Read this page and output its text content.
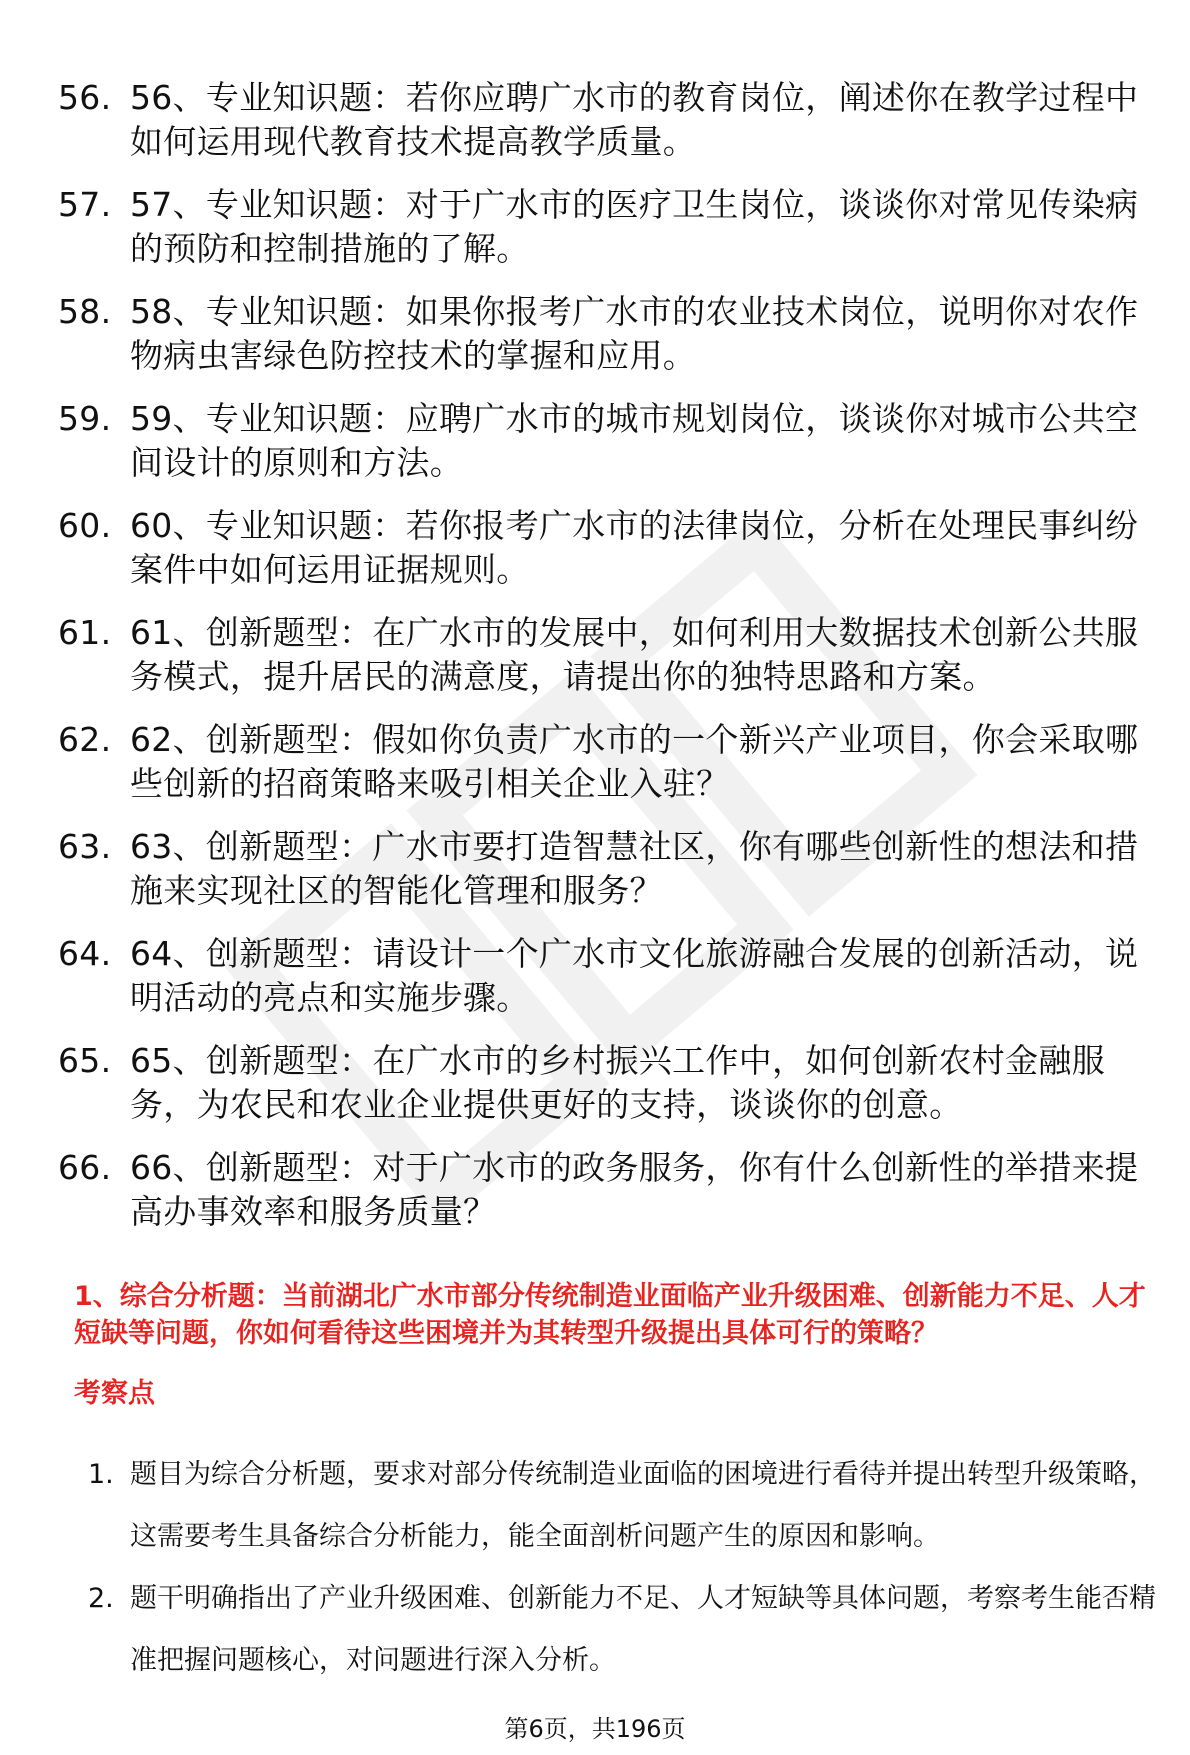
56. 56、专业知识题：若你应聘广水市的教育岗位，阐述你在教学过程中如何运用现代教育技术提高教学质量。
57. 57、专业知识题：对于广水市的医疗卫生岗位，谈谈你对常见传染病的预防和控制措施的了解。
58. 58、专业知识题：如果你报考广水市的农业技术岗位，说明你对农作物病虫害绿色防控技术的掌握和应用。
59. 59、专业知识题：应聘广水市的城市规划岗位，谈谈你对城市公共空间设计的原则和方法。
60. 60、专业知识题：若你报考广水市的法律岗位，分析在处理民事纠纷案件中如何运用证据规则。
61. 61、创新题型：在广水市的发展中，如何利用大数据技术创新公共服务模式，提升居民的满意度，请提出你的独特思路和方案。
62. 62、创新题型：假如你负责广水市的一个新兴产业项目，你会采取哪些创新的招商策略来吸引相关企业入驻？
63. 63、创新题型：广水市要打造智慧社区，你有哪些创新性的想法和措施来实现社区的智能化管理和服务？
64. 64、创新题型：请设计一个广水市文化旅游融合发展的创新活动，说明活动的亮点和实施步骤。
65. 65、创新题型：在广水市的乡村振兴工作中，如何创新农村金融服务，为农民和农业企业提供更好的支持，谈谈你的创意。
66. 66、创新题型：对于广水市的政务服务，你有什么创新性的举措来提高办事效率和服务质量？

1、综合分析题：当前湖北广水市部分传统制造业面临产业升级困难、创新能力不足、人才短缺等问题，你如何看待这些困境并为其转型升级提出具体可行的策略？

考察点

1. 题目为综合分析题，要求对部分传统制造业面临的困境进行看待并提出转型升级策略，这需要考生具备综合分析能力，能全面剖析问题产生的原因和影响。
2. 题干明确指出了产业升级困难、创新能力不足、人才短缺等具体问题，考察考生能否精准把握问题核心，对问题进行深入分析。
第6页，共196页
